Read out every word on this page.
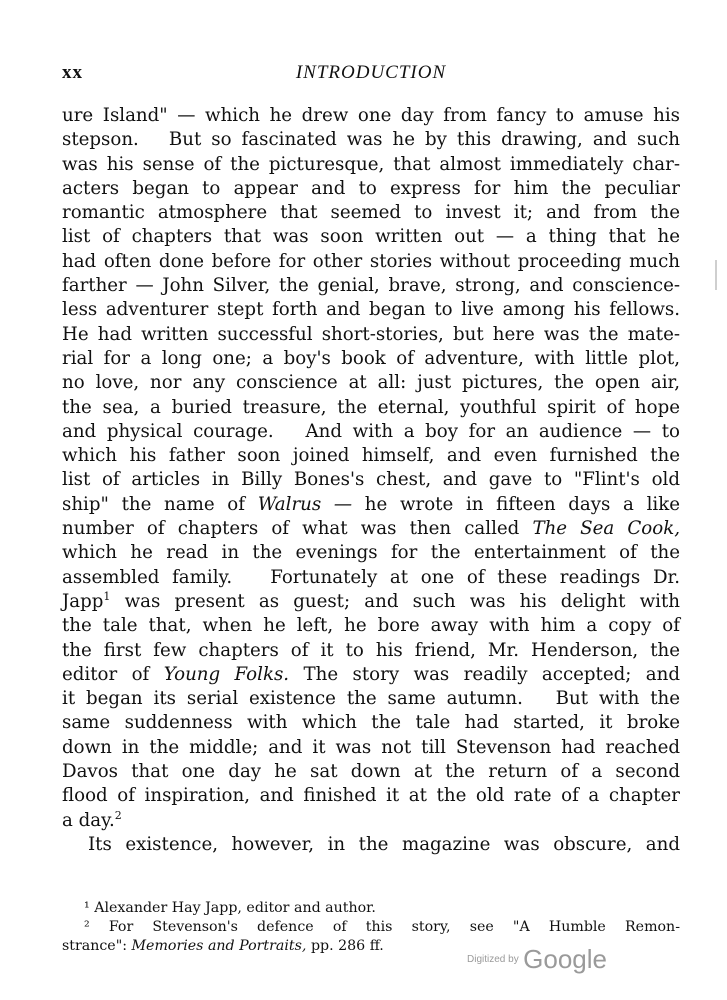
xx	INTRODUCTION
ure Island" — which he drew one day from fancy to amuse his
stepson.   But so fascinated was he by this drawing, and such
was his sense of the picturesque, that almost immediately char-
acters began to appear and to express for him the peculiar
romantic atmosphere that seemed to invest it; and from the
list of chapters that was soon written out — a thing that he
had often done before for other stories without proceeding much
farther — John Silver, the genial, brave, strong, and conscience-
less adventurer stept forth and began to live among his fellows.
He had written successful short-stories, but here was the mate-
rial for a long one; a boy's book of adventure, with little plot,
no love, nor any conscience at all: just pictures, the open air,
the sea, a buried treasure, the eternal, youthful spirit of hope
and physical courage.   And with a boy for an audience — to
which his father soon joined himself, and even furnished the
list of articles in Billy Bones's chest, and gave to "Flint's old
ship" the name of Walrus — he wrote in fifteen days a like
number of chapters of what was then called The Sea Cook,
which he read in the evenings for the entertainment of the
assembled family.   Fortunately at one of these readings Dr.
Japp$^1$ was present as guest; and such was his delight with
the tale that, when he left, he bore away with him a copy of
the first few chapters of it to his friend, Mr. Henderson, the
editor of Young Folks. The story was readily accepted; and
it began its serial existence the same autumn.   But with the
same suddenness with which the tale had started, it broke
down in the middle; and it was not till Stevenson had reached
Davos that one day he sat down at the return of a second
flood of inspiration, and finished it at the old rate of a chapter
a day.$^2$
Its existence, however, in the magazine was obscure, and
¹ Alexander Hay Japp, editor and author.
² For Stevenson's defence of this story, see "A Humble Remon-
strance": Memories and Portraits, pp. 286 ff.
Digitized by Google
